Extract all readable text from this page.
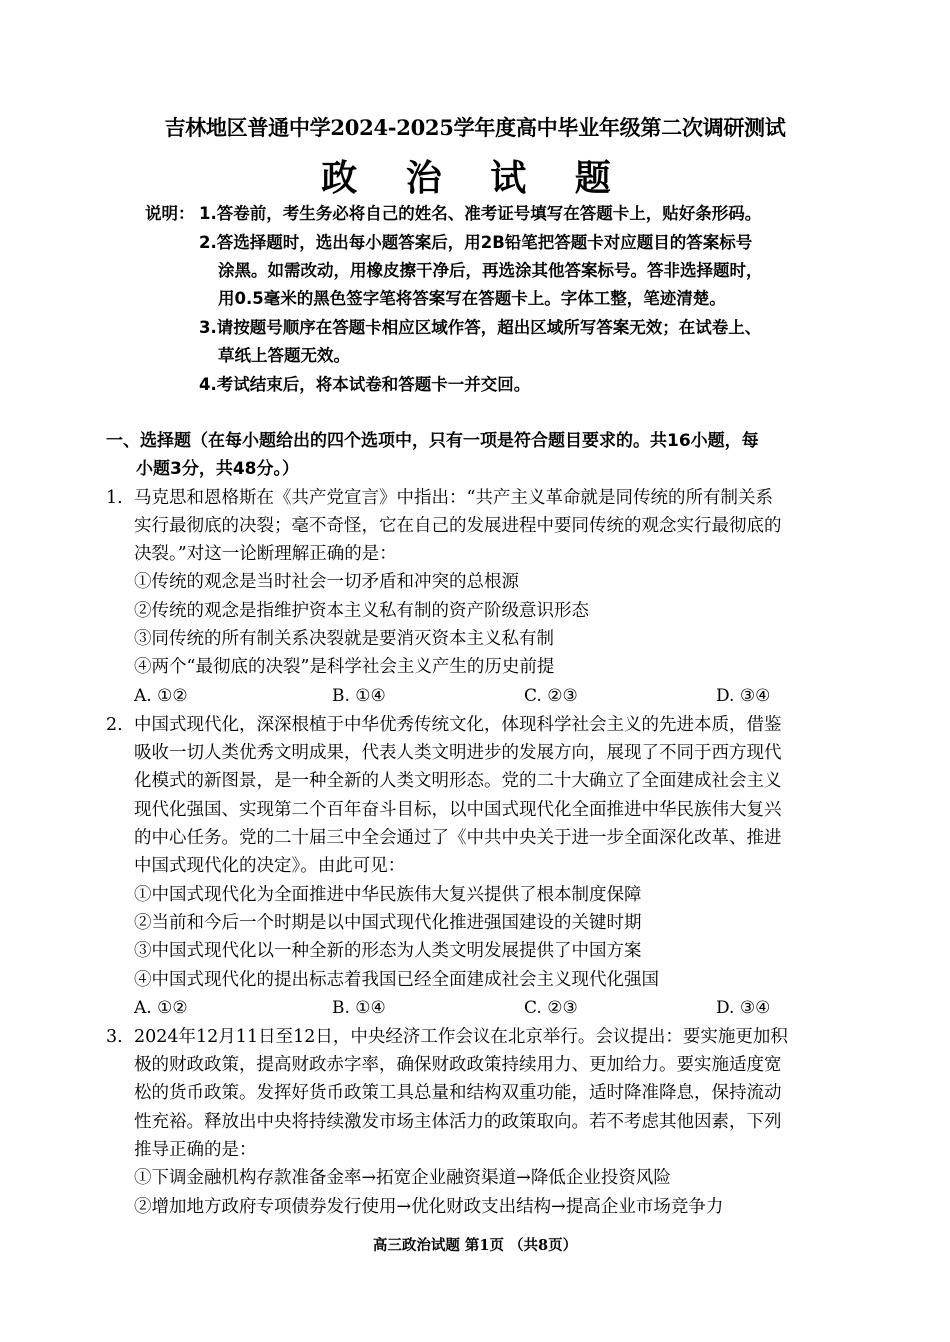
吉林地区普通中学2024-2025学年度高中毕业年级第二次调研测试
政 治 试 题
说明： 1.答卷前，考生务必将自己的姓名、准考证号填写在答题卡上，贴好条形码。
2.答选择题时，选出每小题答案后，用2B铅笔把答题卡对应题目的答案标号
涂黑。如需改动，用橡皮擦干净后，再选涂其他答案标号。答非选择题时，
用0.5毫米的黑色签字笔将答案写在答题卡上。字体工整，笔迹清楚。
3.请按题号顺序在答题卡相应区域作答，超出区域所写答案无效；在试卷上、
草纸上答题无效。
4.考试结束后，将本试卷和答题卡一并交回。
一、选择题（在每小题给出的四个选项中，只有一项是符合题目要求的。共16小题，每
小题3分，共48分。）
1. 马克思和恩格斯在《共产党宣言》中指出：“共产主义革命就是同传统的所有制关系
实行最彻底的决裂；毫不奇怪，它在自己的发展进程中要同传统的观念实行最彻底的
决裂。”对这一论断理解正确的是：
①传统的观念是当时社会一切矛盾和冲突的总根源
②传统的观念是指维护资本主义私有制的资产阶级意识形态
③同传统的所有制关系决裂就是要消灭资本主义私有制
④两个“最彻底的决裂”是科学社会主义产生的历史前提
A. ①②	B. ①④	C. ②③	D. ③④
2. 中国式现代化，深深根植于中华优秀传统文化，体现科学社会主义的先进本质，借鉴
吸收一切人类优秀文明成果，代表人类文明进步的发展方向，展现了不同于西方现代
化模式的新图景，是一种全新的人类文明形态。党的二十大确立了全面建成社会主义
现代化强国、实现第二个百年奋斗目标，以中国式现代化全面推进中华民族伟大复兴
的中心任务。党的二十届三中全会通过了《中共中央关于进一步全面深化改革、推进
中国式现代化的决定》。由此可见：
①中国式现代化为全面推进中华民族伟大复兴提供了根本制度保障
②当前和今后一个时期是以中国式现代化推进强国建设的关键时期
③中国式现代化以一种全新的形态为人类文明发展提供了中国方案
④中国式现代化的提出标志着我国已经全面建成社会主义现代化强国
A. ①②	B. ①④	C. ②③	D. ③④
3. 2024年12月11日至12日，中央经济工作会议在北京举行。会议提出：要实施更加积
极的财政政策，提高财政赤字率，确保财政政策持续用力、更加给力。要实施适度宽
松的货币政策。发挥好货币政策工具总量和结构双重功能，适时降准降息，保持流动
性充裕。释放出中央将持续激发市场主体活力的政策取向。若不考虑其他因素，下列
推导正确的是：
①下调金融机构存款准备金率→拓宽企业融资渠道→降低企业投资风险
②增加地方政府专项债券发行使用→优化财政支出结构→提高企业市场竞争力
高三政治试题 第1页 （共8页）
